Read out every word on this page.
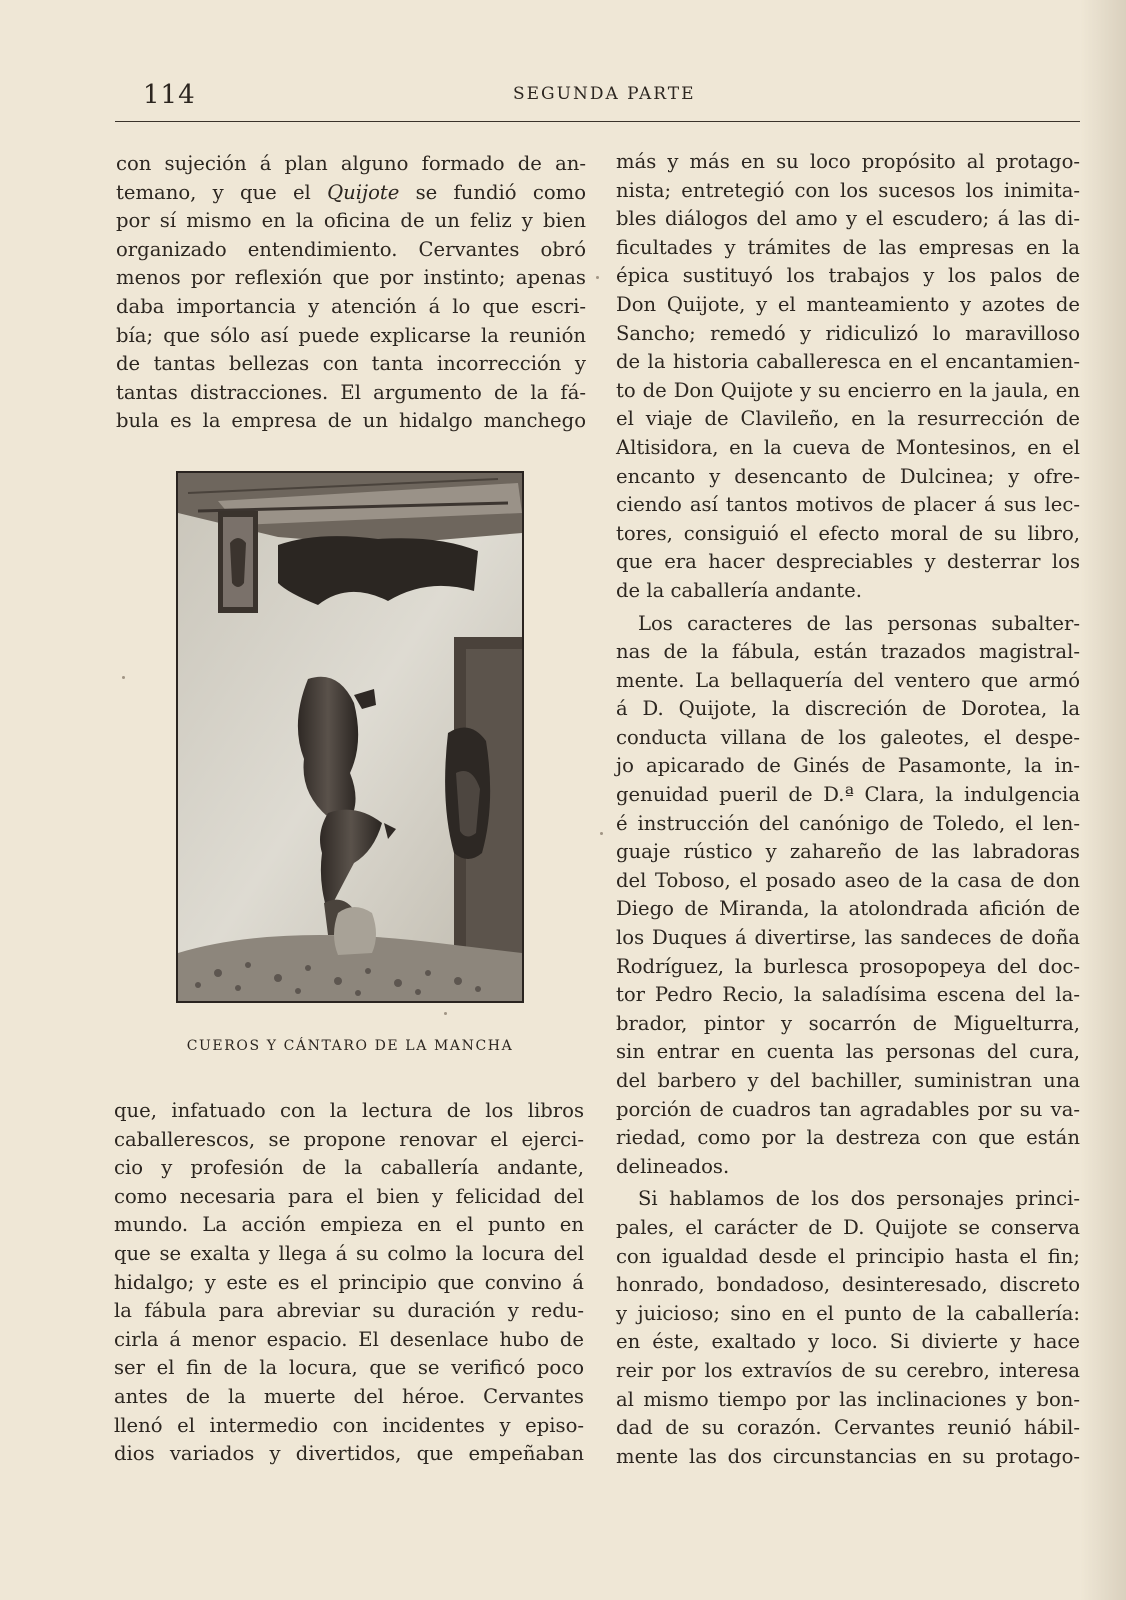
114	SEGUNDA PARTE

con sujeción á plan alguno formado de an-
temano, y que el Quijote se fundió como
por sí mismo en la oficina de un feliz y bien
organizado entendimiento. Cervantes obró
menos por reflexión que por instinto; apenas
daba importancia y atención á lo que escri-
bía; que sólo así puede explicarse la reunión
de tantas bellezas con tanta incorrección y
tantas distracciones. El argumento de la fá-
bula es la empresa de un hidalgo manchego

CUEROS Y CÁNTARO DE LA MANCHA

que, infatuado con la lectura de los libros
caballerescos, se propone renovar el ejerci-
cio y profesión de la caballería andante,
como necesaria para el bien y felicidad del
mundo. La acción empieza en el punto en
que se exalta y llega á su colmo la locura del
hidalgo; y este es el principio que convino á
la fábula para abreviar su duración y redu-
cirla á menor espacio. El desenlace hubo de
ser el fin de la locura, que se verificó poco
antes de la muerte del héroe. Cervantes
llenó el intermedio con incidentes y episo-
dios variados y divertidos, que empeñaban

más y más en su loco propósito al protago-
nista; entretegió con los sucesos los inimita-
bles diálogos del amo y el escudero; á las di-
ficultades y trámites de las empresas en la
épica sustituyó los trabajos y los palos de
Don Quijote, y el manteamiento y azotes de
Sancho; remedó y ridiculizó lo maravilloso
de la historia caballeresca en el encantamien-
to de Don Quijote y su encierro en la jaula, en
el viaje de Clavileño, en la resurrección de
Altisidora, en la cueva de Montesinos, en el
encanto y desencanto de Dulcinea; y ofre-
ciendo así tantos motivos de placer á sus lec-
tores, consiguió el efecto moral de su libro,
que era hacer despreciables y desterrar los
de la caballería andante.

Los caracteres de las personas subalter-
nas de la fábula, están trazados magistral-
mente. La bellaquería del ventero que armó
á D. Quijote, la discreción de Dorotea, la
conducta villana de los galeotes, el despe-
jo apicarado de Ginés de Pasamonte, la in-
genuidad pueril de D.ª Clara, la indulgencia
é instrucción del canónigo de Toledo, el len-
guaje rústico y zahareño de las labradoras
del Toboso, el posado aseo de la casa de don
Diego de Miranda, la atolondrada afición de
los Duques á divertirse, las sandeces de doña
Rodríguez, la burlesca prosopopeya del doc-
tor Pedro Recio, la saladísima escena del la-
brador, pintor y socarrón de Miguelturra,
sin entrar en cuenta las personas del cura,
del barbero y del bachiller, suministran una
porción de cuadros tan agradables por su va-
riedad, como por la destreza con que están
delineados.

Si hablamos de los dos personajes princi-
pales, el carácter de D. Quijote se conserva
con igualdad desde el principio hasta el fin;
honrado, bondadoso, desinteresado, discreto
y juicioso; sino en el punto de la caballería:
en éste, exaltado y loco. Si divierte y hace
reir por los extravíos de su cerebro, interesa
al mismo tiempo por las inclinaciones y bon-
dad de su corazón. Cervantes reunió hábil-
mente las dos circunstancias en su protago-
